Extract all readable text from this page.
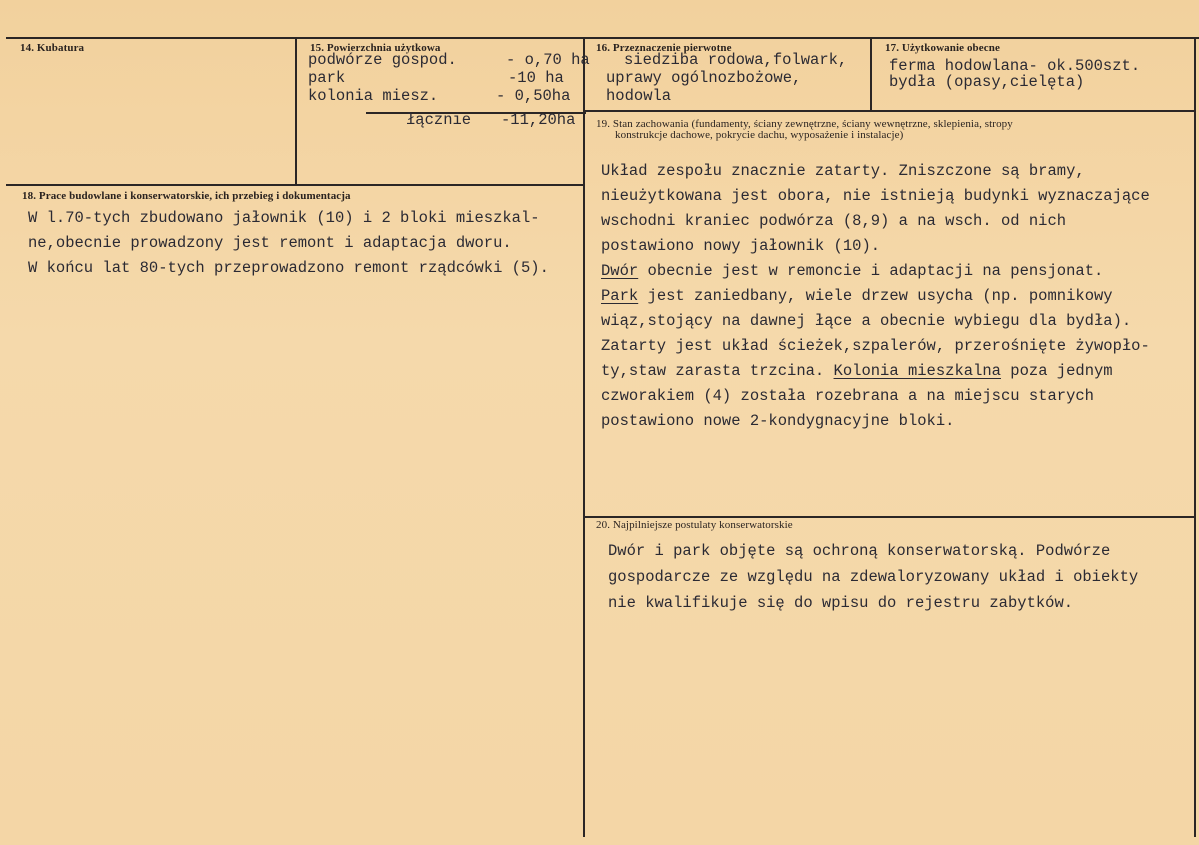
14. Kubatura	15. Powierzchnia użytkowa
podwórze gospod.	- o,70 ha
park	-10 ha
kolonia miesz.	- 0,50ha
łącznie -11,20ha
16. Przeznaczenie pierwotne
siedziba rodowa,folwark,
uprawy ogólnozbożowe,
hodowla
17. Użytkowanie obecne
ferma hodowlana- ok.500szt.
bydła (opasy,cielęta)
18. Prace budowlane i konserwatorskie, ich przebieg i dokumentacja
W l.70-tych zbudowano jałownik (10) i 2 bloki mieszkal-
ne,obecnie prowadzony jest remont i adaptacja dworu.
W końcu lat 80-tych przeprowadzono remont rządcówki (5).
19. Stan zachowania (fundamenty, ściany zewnętrzne, ściany wewnętrzne, sklepienia, stropy
konstrukcje dachowe, pokrycie dachu, wyposażenie i instalacje)
Układ zespołu znacznie zatarty. Zniszczone są bramy,
nieużytkowana jest obora, nie istnieją budynki wyznaczające
wschodni kraniec podwórza (8,9) a na wsch. od nich
postawiono nowy jałownik (10).
Dwór obecnie jest w remoncie i adaptacji na pensjonat.
Park jest zaniedbany, wiele drzew usycha (np. pomnikowy
wiąz,stojący na dawnej łące a obecnie wybiegu dla bydła).
Zatarty jest układ ścieżek,szpalerów, przerośnięte żywopło-
ty,staw zarasta trzcina. Kolonia mieszkalna poza jednym
czworakiem (4) została rozebrana a na miejscu starych
postawiono nowe 2-kondygnacyjne bloki.
20. Najpilniejsze postulaty konserwatorskie
Dwór i park objęte są ochroną konserwatorską. Podwórze
gospodarcze ze względu na zdewaloryzowany układ i obiekty
nie kwalifikuje się do wpisu do rejestru zabytków.
